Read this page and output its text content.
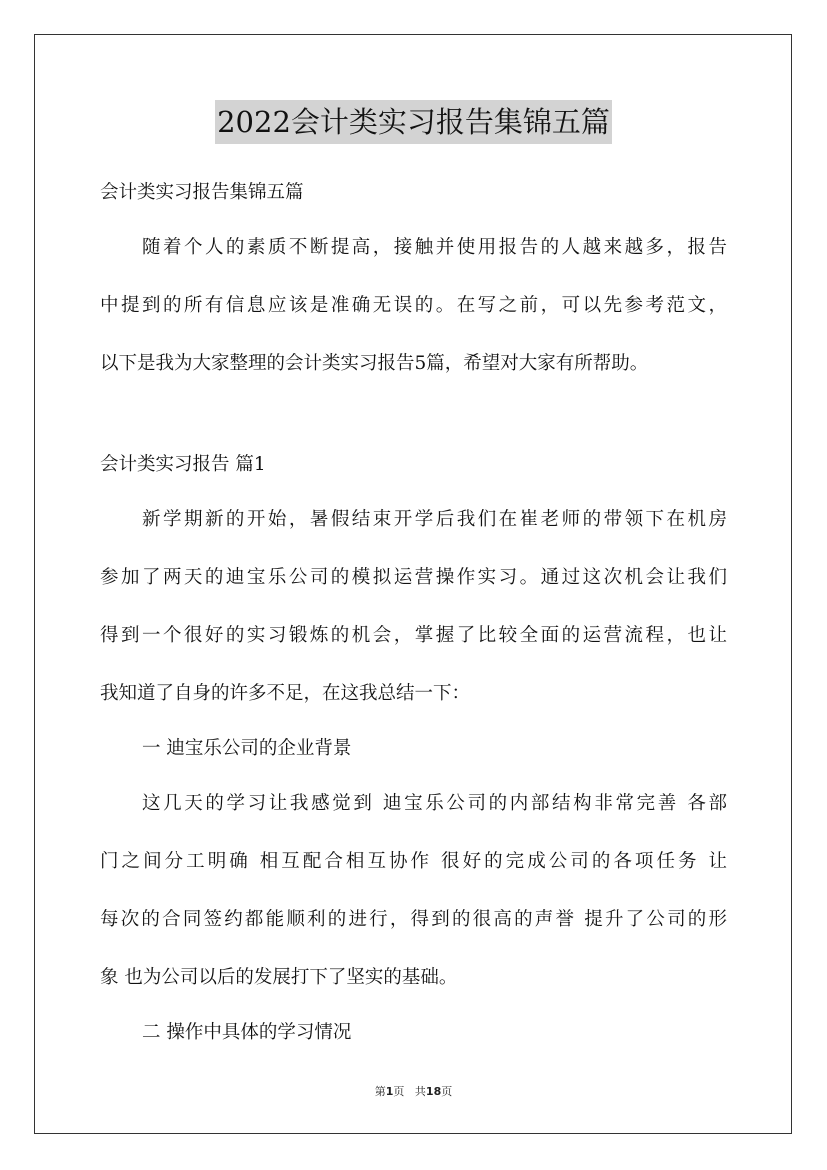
2022会计类实习报告集锦五篇
会计类实习报告集锦五篇
随着个人的素质不断提高，接触并使用报告的人越来越多，报告
中提到的所有信息应该是准确无误的。在写之前，可以先参考范文，
以下是我为大家整理的会计类实习报告5篇，希望对大家有所帮助。
会计类实习报告 篇1
新学期新的开始，暑假结束开学后我们在崔老师的带领下在机房
参加了两天的迪宝乐公司的模拟运营操作实习。通过这次机会让我们
得到一个很好的实习锻炼的机会，掌握了比较全面的运营流程，也让
我知道了自身的许多不足，在这我总结一下：
一 迪宝乐公司的企业背景
这几天的学习让我感觉到 迪宝乐公司的内部结构非常完善 各部
门之间分工明确 相互配合相互协作 很好的完成公司的各项任务 让
每次的合同签约都能顺利的进行，得到的很高的声誉 提升了公司的形
象 也为公司以后的发展打下了坚实的基础。
二 操作中具体的学习情况
第1页 共18页
